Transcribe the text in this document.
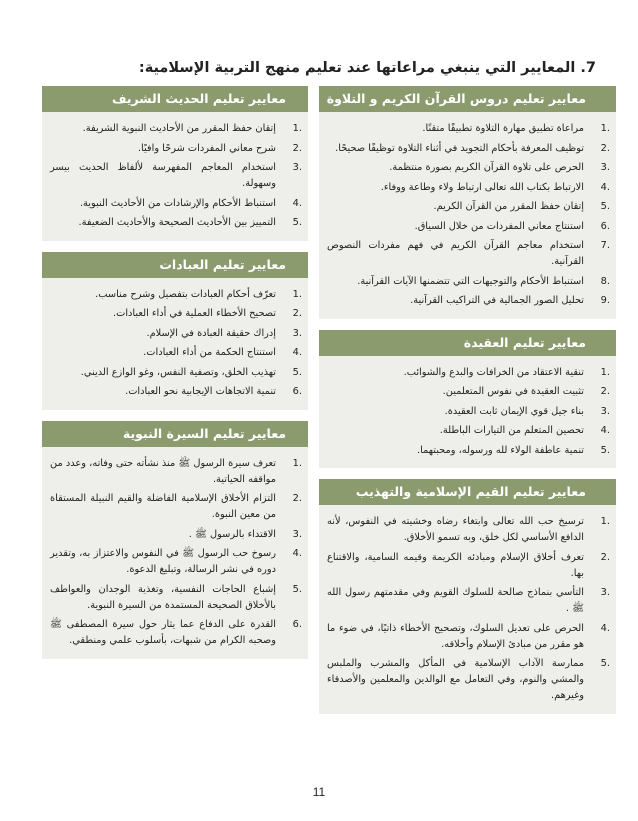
7. المعايير التي ينبغي مراعاتها عند تعليم منهج التربية الإسلامية:
معايير تعليم دروس القرآن الكريم و التلاوة
1.
مراعاة تطبيق مهارة التلاوة تطبيقًا متقنًا.
2.
توظيف المعرفة بأحكام التجويد في أثناء التلاوة توظيفًا صحيحًا.
3.
الحرص على تلاوة القرآن الكريم بصورة منتظمة.
4.
الارتباط بكتاب الله تعالى ارتباط ولاء وطاعة ووفاء.
5.
إتقان حفظ المقرر من القرآن الكريم.
6.
استنتاج معاني المفردات من خلال السياق.
7.
استخدام معاجم القرآن الكريم في فهم مفردات النصوص القرآنية.
8.
استنباط الأحكام والتوجيهات التي تتضمنها الآيات القرآنية.
9.
تحليل الصور الجمالية في التراكيب القرآنية.
معايير تعليم العقيدة
1.
تنقية الاعتقاد من الخرافات والبدع والشوائب.
2.
تثبيت العقيدة في نفوس المتعلمين.
3.
بناء جيل قوي الإيمان ثابت العقيدة.
4.
تحصين المتعلم من التيارات الباطلة.
5.
تنمية عاطفة الولاء لله ورسوله، ومحبتهما.
معايير تعليم القيم الإسلامية والتهذيب
1.
ترسيخ حب الله تعالى وابتغاء رضاه وخشيته في النفوس، لأنه الدافع الأساسي لكل خلق، وبه تسمو الأخلاق.
2.
تعرف أخلاق الإسلام ومبادئه الكريمة وقيمه السامية، والاقتناع بها.
3.
التأسي بنماذج صالحة للسلوك القويم وفي مقدمتهم رسول الله ﷺ .
4.
الحرص على تعديل السلوك، وتصحيح الأخطاء ذاتيًا، في ضوء ما هو مقرر من مبادئ الإسلام وأخلاقه.
5.
ممارسة الآداب الإسلامية في المأكل والمشرب والملبس والمشي والنوم، وفي التعامل مع الوالدين والمعلمين والأصدقاء وغيرهم.
معايير تعليم الحديث الشريف
1.
إتقان حفظ المقرر من الأحاديث النبوية الشريفة.
2.
شرح معاني المفردات شرحًا وافيًا.
3.
استخدام المعاجم المفهرسة لألفاظ الحديث بيسر وسهولة.
4.
استنباط الأحكام والإرشادات من الأحاديث النبوية.
5.
التمييز بين الأحاديث الصحيحة والأحاديث الضعيفة.
معايير تعليم العبادات
1.
تعرّف أحكام العبادات بتفصيل وشرح مناسب.
2.
تصحيح الأخطاء العملية في أداء العبادات.
3.
إدراك حقيقة العبادة في الإسلام.
4.
استنتاج الحكمة من أداء العبادات.
5.
تهذيب الخلق، وتصفية النفس، وغو الوازع الديني.
6.
تنمية الاتجاهات الإيجابية نحو العبادات.
معايير تعليم السيرة النبوية
1.
تعرف سيرة الرسول ﷺ منذ نشأته حتى وفاته، وعدد من مواقفه الحياتية.
2.
التزام الأخلاق الإسلامية الفاضلة والقيم النبيلة المستقاة من معين النبوة.
3.
الاقتداء بالرسول ﷺ .
4.
رسوخ حب الرسول ﷺ في النفوس والاعتزاز به، وتقدير دوره في نشر الرسالة، وتبليغ الدعوة.
5.
إشباع الحاجات النفسية، وتغذية الوجدان والعواطف بالأخلاق الصحيحة المستمدة من السيرة النبوية.
6.
القدرة على الدفاع عما يثار حول سيرة المصطفى ﷺ وصحبه الكرام من شبهات، بأسلوب علمي ومنطقي.
11
